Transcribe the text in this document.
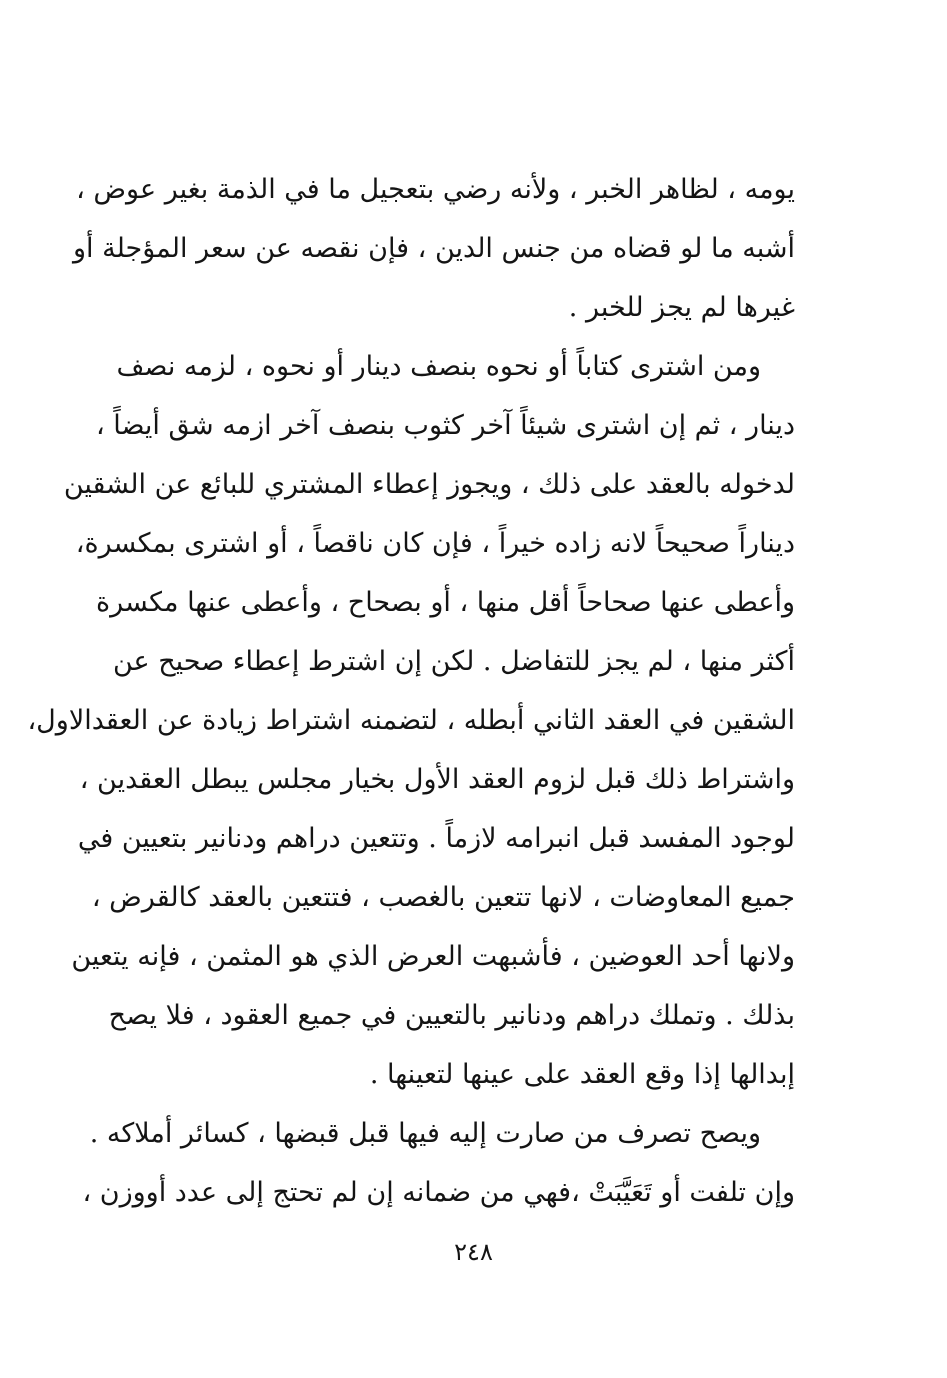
يومه ، لظاهر الخبر ، ولأنه رضي بتعجيل ما في الذمة بغير عوض ،
أشبه ما لو قضاه من جنس الدين ، فإن نقصه عن سعر المؤجلة أو
غيرها لم يجز للخبر .
ومن اشترى كتاباً أو نحوه بنصف دينار أو نحوه ، لزمه نصف
دينار ، ثم إن اشترى شيئاً آخر كثوب بنصف آخر ازمه شق أيضاً ،
لدخوله بالعقد على ذلك ، ويجوز إعطاء المشتري للبائع عن الشقين
ديناراً صحيحاً لانه زاده خيراً ، فإن كان ناقصاً ، أو اشترى بمكسرة،
وأعطى عنها صحاحاً أقل منها ، أو بصحاح ، وأعطى عنها مكسرة
أكثر منها ، لم يجز للتفاضل . لكن إن اشترط إعطاء صحيح عن
الشقين في العقد الثاني أبطله ، لتضمنه اشتراط زيادة عن العقدالاول،
واشتراط ذلك قبل لزوم العقد الأول بخيار مجلس يبطل العقدين ،
لوجود المفسد قبل انبرامه لازماً . وتتعين دراهم ودنانير بتعيين في
جميع المعاوضات ، لانها تتعين بالغصب ، فتتعين بالعقد كالقرض ،
ولانها أحد العوضين ، فأشبهت العرض الذي هو المثمن ، فإنه يتعين
بذلك . وتملك دراهم ودنانير بالتعيين في جميع العقود ، فلا يصح
إبدالها إذا وقع العقد على عينها لتعينها .
ويصح تصرف من صارت إليه فيها قبل قبضها ، كسائر أملاكه .
وإن تلفت أو تَعَيَّبَتْ ،فهي من ضمانه إن لم تحتج إلى عدد أووزن ،
٢٤٨
